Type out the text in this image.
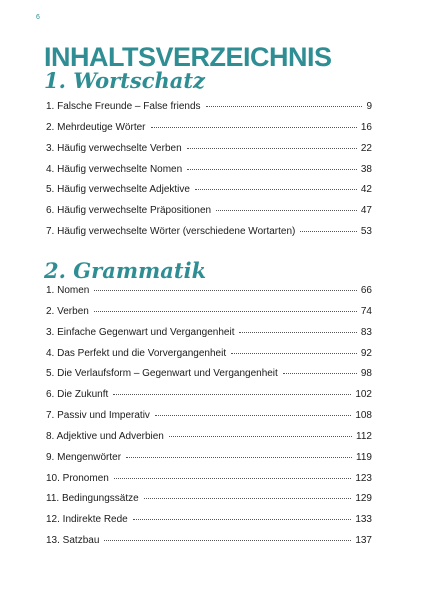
6
INHALTSVERZEICHNIS
1. Wortschatz
1. Falsche Freunde – False friends	9
2. Mehrdeutige Wörter	16
3. Häufig verwechselte Verben	22
4. Häufig verwechselte Nomen	38
5. Häufig verwechselte Adjektive	42
6. Häufig verwechselte Präpositionen	47
7. Häufig verwechselte Wörter (verschiedene Wortarten)	53
2. Grammatik
1. Nomen	66
2. Verben	74
3. Einfache Gegenwart und Vergangenheit	83
4. Das Perfekt und die Vorvergangenheit	92
5. Die Verlaufsform – Gegenwart und Vergangenheit	98
6. Die Zukunft	102
7. Passiv und Imperativ	108
8. Adjektive und Adverbien	112
9. Mengenwörter	119
10. Pronomen	123
11. Bedingungssätze	129
12. Indirekte Rede	133
13. Satzbau	137
